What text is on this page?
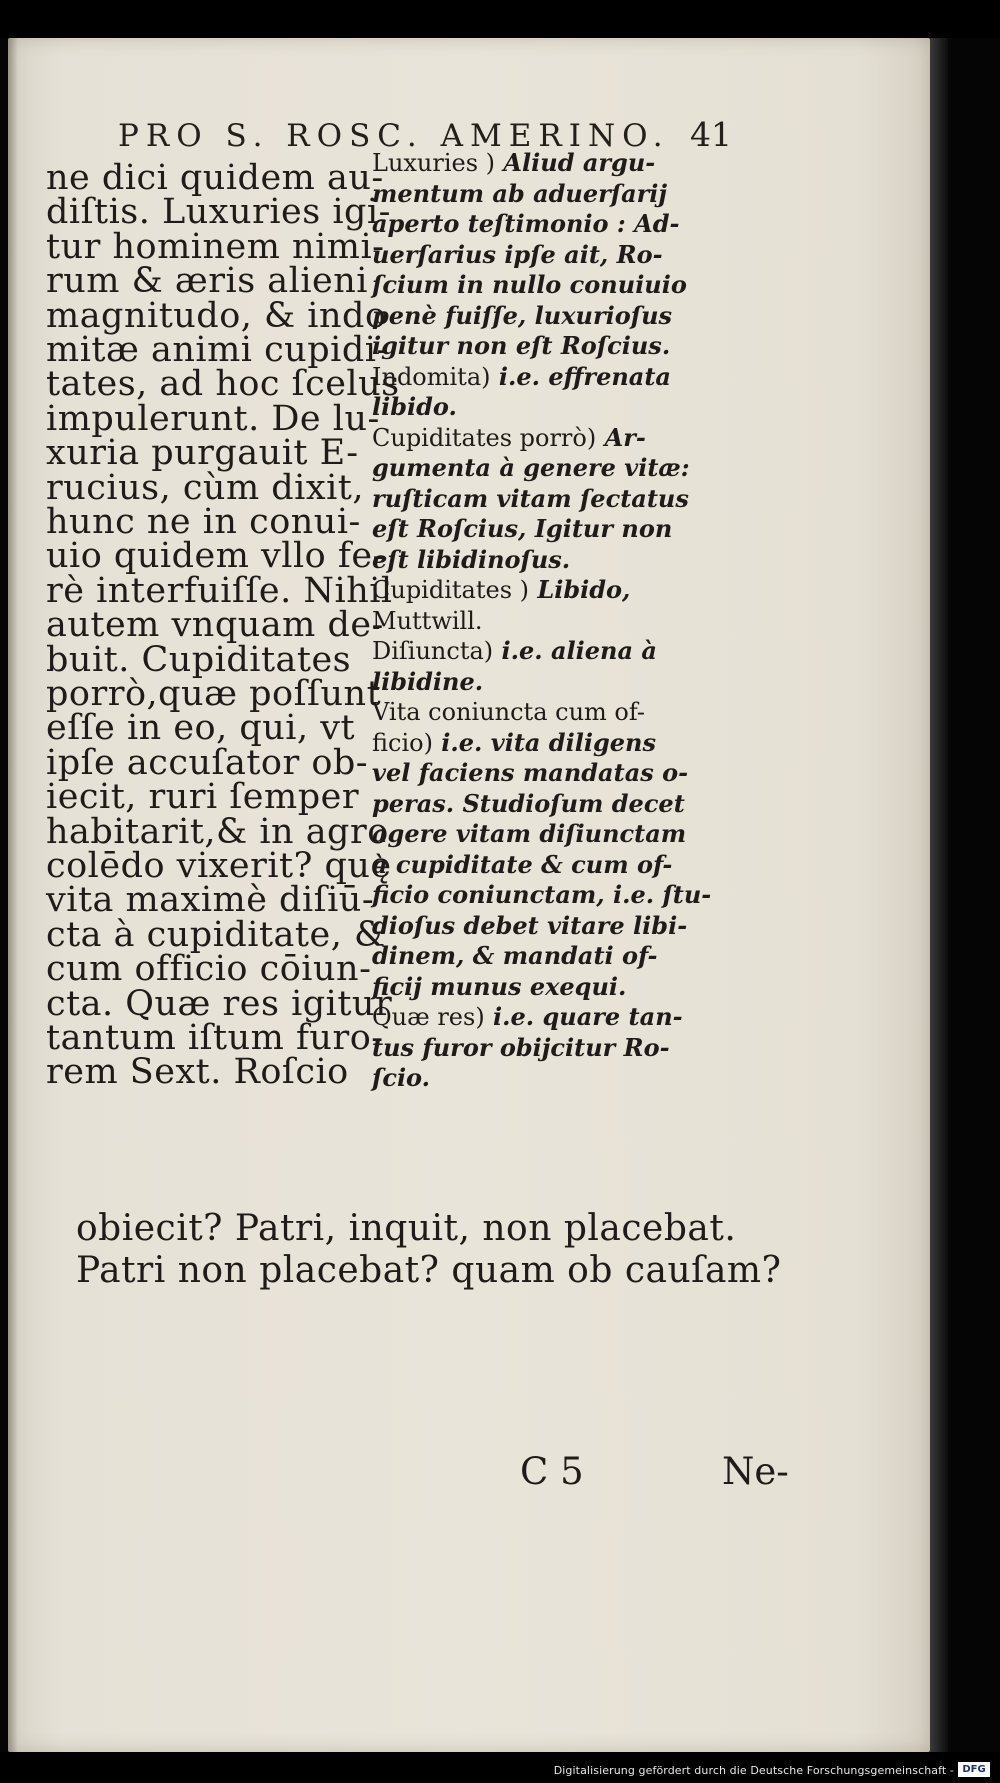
PRO S. ROSC. AMERINO. 41
ne dici quidem au-
diſtis. Luxuries igi-
tur hominem nimi-
rum & æris alieni
magnitudo, & indo
mitæ animi cupidi-
tates, ad hoc ſcelus
impulerunt. De lu-
xuria purgauit E-
rucius, cùm dixit,
hunc ne in conui-
uio quidem vllo fe-
rè interfuiſſe. Nihil
autem vnquam de-
buit. Cupiditates
porrò,quæ poſſunt
eſſe in eo, qui, vt
ipſe accuſator ob-
iecit, ruri ſemper
habitarit,& in agro
colēdo vixerit? quę
vita maximè diſiū-
cta à cupiditate, &
cum officio cōiun-
cta. Quæ res igitur
tantum iſtum furo-
rem Sext. Roſcio
Luxuries ) Aliud argu-
mentum ab aduerſarij
aperto teſtimonio : Ad-
uerſarius ipſe ait, Ro-
ſcium in nullo conuiuio
penè fuiſſe, luxurioſus
igitur non eſt Roſcius.
Indomita) i.e. effrenata
libido.
Cupiditates porrò) Ar-
gumenta à genere vitæ:
ruſticam vitam ſectatus
eſt Roſcius, Igitur non
eſt libidinoſus.
Cupiditates ) Libido,
Muttwill.
Diſiuncta) i.e. aliena à
libidine.
Vita coniuncta cum of-
ficio) i.e. vita diligens
vel faciens mandatas o-
peras. Studioſum decet
agere vitam diſiunctam
à cupiditate & cum of-
ficio coniunctam, i.e. ſtu-
dioſus debet vitare libi-
dinem, & mandati of-
ficij munus exequi.
Quæ res) i.e. quare tan-
tus furor obijcitur Ro-
ſcio.
obiecit? Patri, inquit, non placebat.
Patri non placebat? quam ob cauſam?
C 5	Ne-
Digitalisierung gefördert durch die Deutsche Forschungsgemeinschaft - DFG
